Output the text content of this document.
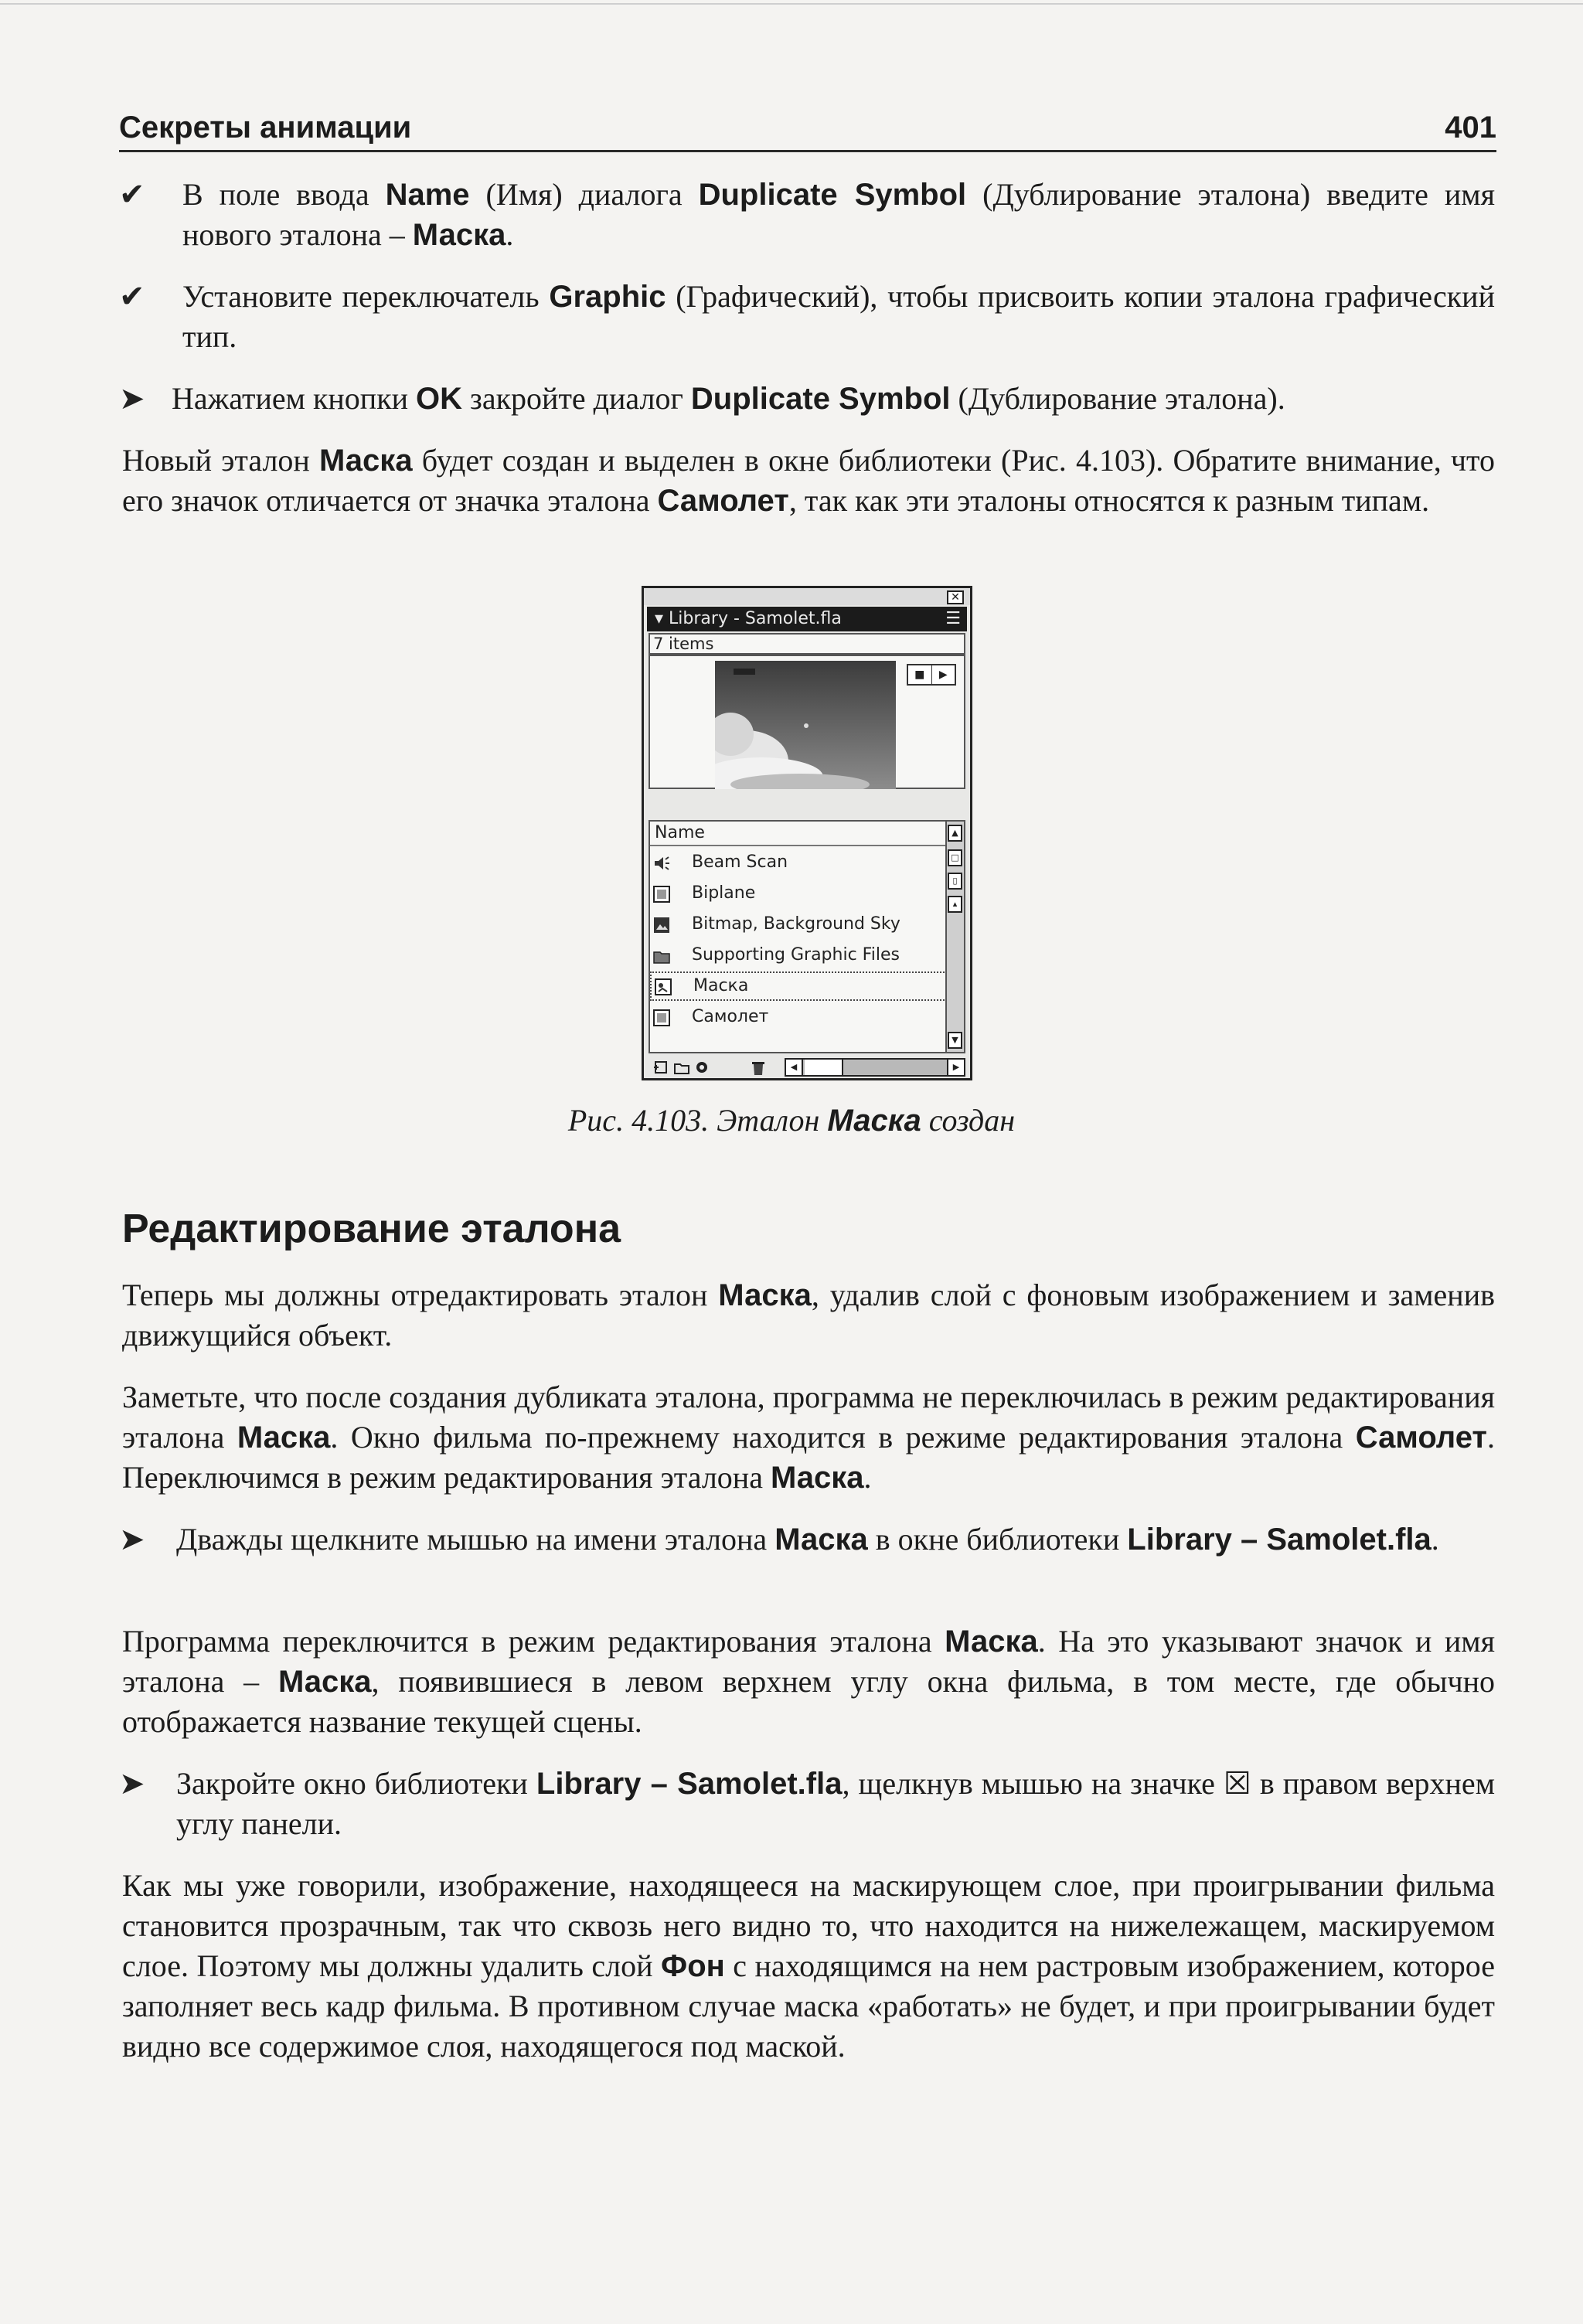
Секреты анимации	401
✔ В поле ввода Name (Имя) диалога Duplicate Symbol (Дублирование эталона) введите имя нового эталона – Маска.
✔ Установите переключатель Graphic (Графический), чтобы присвоить копии эталона графический тип.
➤ Нажатием кнопки OK закройте диалог Duplicate Symbol (Дублирование эталона).
Новый эталон Маска будет создан и выделен в окне библиотеки (Рис. 4.103). Обратите внимание, что его значок отличается от значка эталона Самолет, так как эти эталоны относятся к разным типам.
✕
▾ Library - Samolet.fla	☰
7 items
■	▶
Name
Beam Scan
Biplane
Bitmap, Background Sky
Supporting Graphic Files
Маска
Самолет
▲
□
▯
▴
▼
◀	▶
Рис. 4.103. Эталон Маска создан
Редактирование эталона
Теперь мы должны отредактировать эталон Маска, удалив слой с фоновым изображением и заменив движущийся объект.
Заметьте, что после создания дубликата эталона, программа не переключилась в режим редактирования эталона Маска. Окно фильма по-прежнему находится в режиме редактирования эталона Самолет. Переключимся в режим редактирования эталона Маска.
➤ Дважды щелкните мышью на имени эталона Маска в окне библиотеки Library – Samolet.fla.
Программа переключится в режим редактирования эталона Маска. На это указывают значок и имя эталона – Маска, появившиеся в левом верхнем углу окна фильма, в том месте, где обычно отображается название текущей сцены.
➤ Закройте окно библиотеки Library – Samolet.fla, щелкнув мышью на значке ☒ в правом верхнем углу панели.
Как мы уже говорили, изображение, находящееся на маскирующем слое, при проигрывании фильма становится прозрачным, так что сквозь него видно то, что находится на нижележащем, маскируемом слое. Поэтому мы должны удалить слой Фон с находящимся на нем растровым изображением, которое заполняет весь кадр фильма. В противном случае маска «работать» не будет, и при проигрывании будет видно все содержимое слоя, находящегося под маской.
